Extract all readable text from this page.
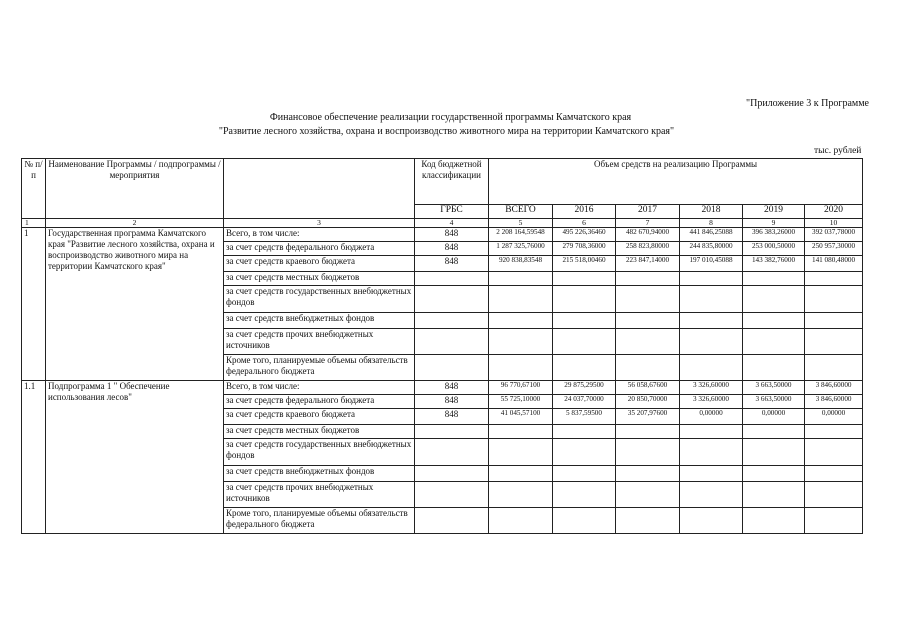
"Приложение 3 к Программе
Финансовое обеспечение реализации государственной программы Камчатского края
"Развитие лесного хозяйства, охрана и воспроизводство животного мира на территории Камчатского края"
тыс. рублей
№ п/п	Наименование Программы / подпрограммы / мероприятия		Код бюджетной классификации	Объем средств на реализацию Программы					
			ГРБС	ВСЕГО	2016	2017	2018	2019	2020
1	2	3	4	5	6	7	8	9	10
1	Государственная программа Камчатского края "Развитие лесного хозяйства, охрана и воспроизводство животного мира на территории Камчатского края"	Всего, в том числе:	848	2 208 164,59548	495 226,36460	482 670,94000	441 846,25088	396 383,26000	392 037,78000
		за счет средств федерального бюджета	848	1 287 325,76000	279 708,36000	258 823,80000	244 835,80000	253 000,50000	250 957,30000
		за счет средств краевого бюджета	848	920 838,83548	215 518,00460	223 847,14000	197 010,45088	143 382,76000	141 080,48000
		за счет средств местных бюджетов							
		за счет средств государственных внебюджетных фондов							
		за счет средств внебюджетных фондов							
		за счет средств прочих внебюджетных источников							
		Кроме того, планируемые объемы обязательств федерального бюджета							
1.1	Подпрограмма 1 " Обеспечение использования лесов"	Всего, в том числе:	848	96 770,67100	29 875,29500	56 058,67600	3 326,60000	3 663,50000	3 846,60000
		за счет средств федерального бюджета	848	55 725,10000	24 037,70000	20 850,70000	3 326,60000	3 663,50000	3 846,60000
		за счет средств краевого бюджета	848	41 045,57100	5 837,59500	35 207,97600	0,00000	0,00000	0,00000
		за счет средств местных бюджетов							
		за счет средств государственных внебюджетных фондов							
		за счет средств внебюджетных фондов							
		за счет средств прочих внебюджетных источников							
		Кроме того, планируемые объемы обязательств федерального бюджета							
